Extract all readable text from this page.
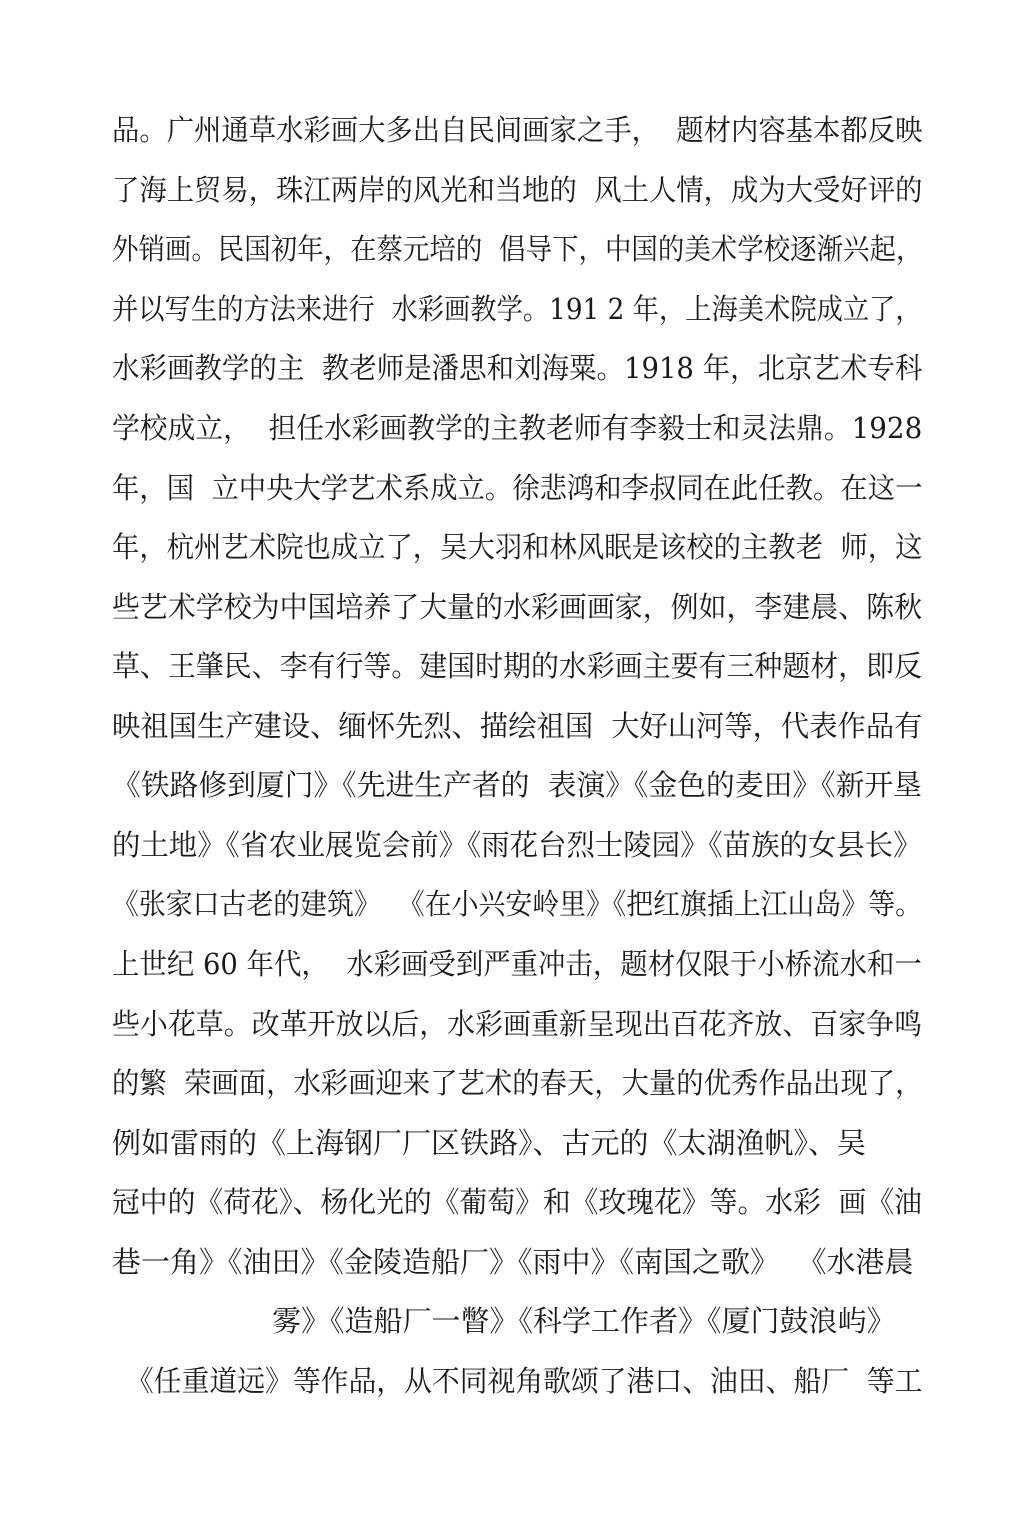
品。广州通草水彩画大多出自民间画家之手，  题材内容基本都反映
了海上贸易，珠江两岸的风光和当地的  风土人情，成为大受好评的
外销画。民国初年，在蔡元培的  倡导下，中国的美术学校逐渐兴起，
并以写生的方法来进行  水彩画教学。191 2 年，上海美术院成立了，
水彩画教学的主  教老师是潘思和刘海粟。1918 年，北京艺术专科
学校成立，  担任水彩画教学的主教老师有李毅士和灵法鼎。1928
年，国  立中央大学艺术系成立。徐悲鸿和李叔同在此任教。在这一
年，杭州艺术院也成立了，吴大羽和林风眠是该校的主教老  师，这
些艺术学校为中国培养了大量的水彩画画家，例如，李建晨、陈秋
草、王肇民、李有行等。建国时期的水彩画主要有三种题材，即反
映祖国生产建设、缅怀先烈、描绘祖国  大好山河等，代表作品有
《铁路修到厦门》《先进生产者的  表演》《金色的麦田》《新开垦
的土地》《省农业展览会前》《雨花台烈士陵园》《苗族的女县长》
《张家口古老的建筑》  《在小兴安岭里》《把红旗插上江山岛》等。
上世纪 60 年代，  水彩画受到严重冲击，题材仅限于小桥流水和一
些小花草。改革开放以后，水彩画重新呈现出百花齐放、百家争鸣
的繁  荣画面，水彩画迎来了艺术的春天，大量的优秀作品出现了，
例如雷雨的《上海钢厂厂区铁路》、古元的《太湖渔帆》、吴
冠中的《荷花》、杨化光的《葡萄》和《玫瑰花》等。水彩  画《油
巷一角》《油田》《金陵造船厂》《雨中》《南国之歌》  《水港晨
雾》《造船厂一瞥》《科学工作者》《厦门鼓浪屿》
《任重道远》等作品，从不同视角歌颂了港口、油田、船厂  等工
